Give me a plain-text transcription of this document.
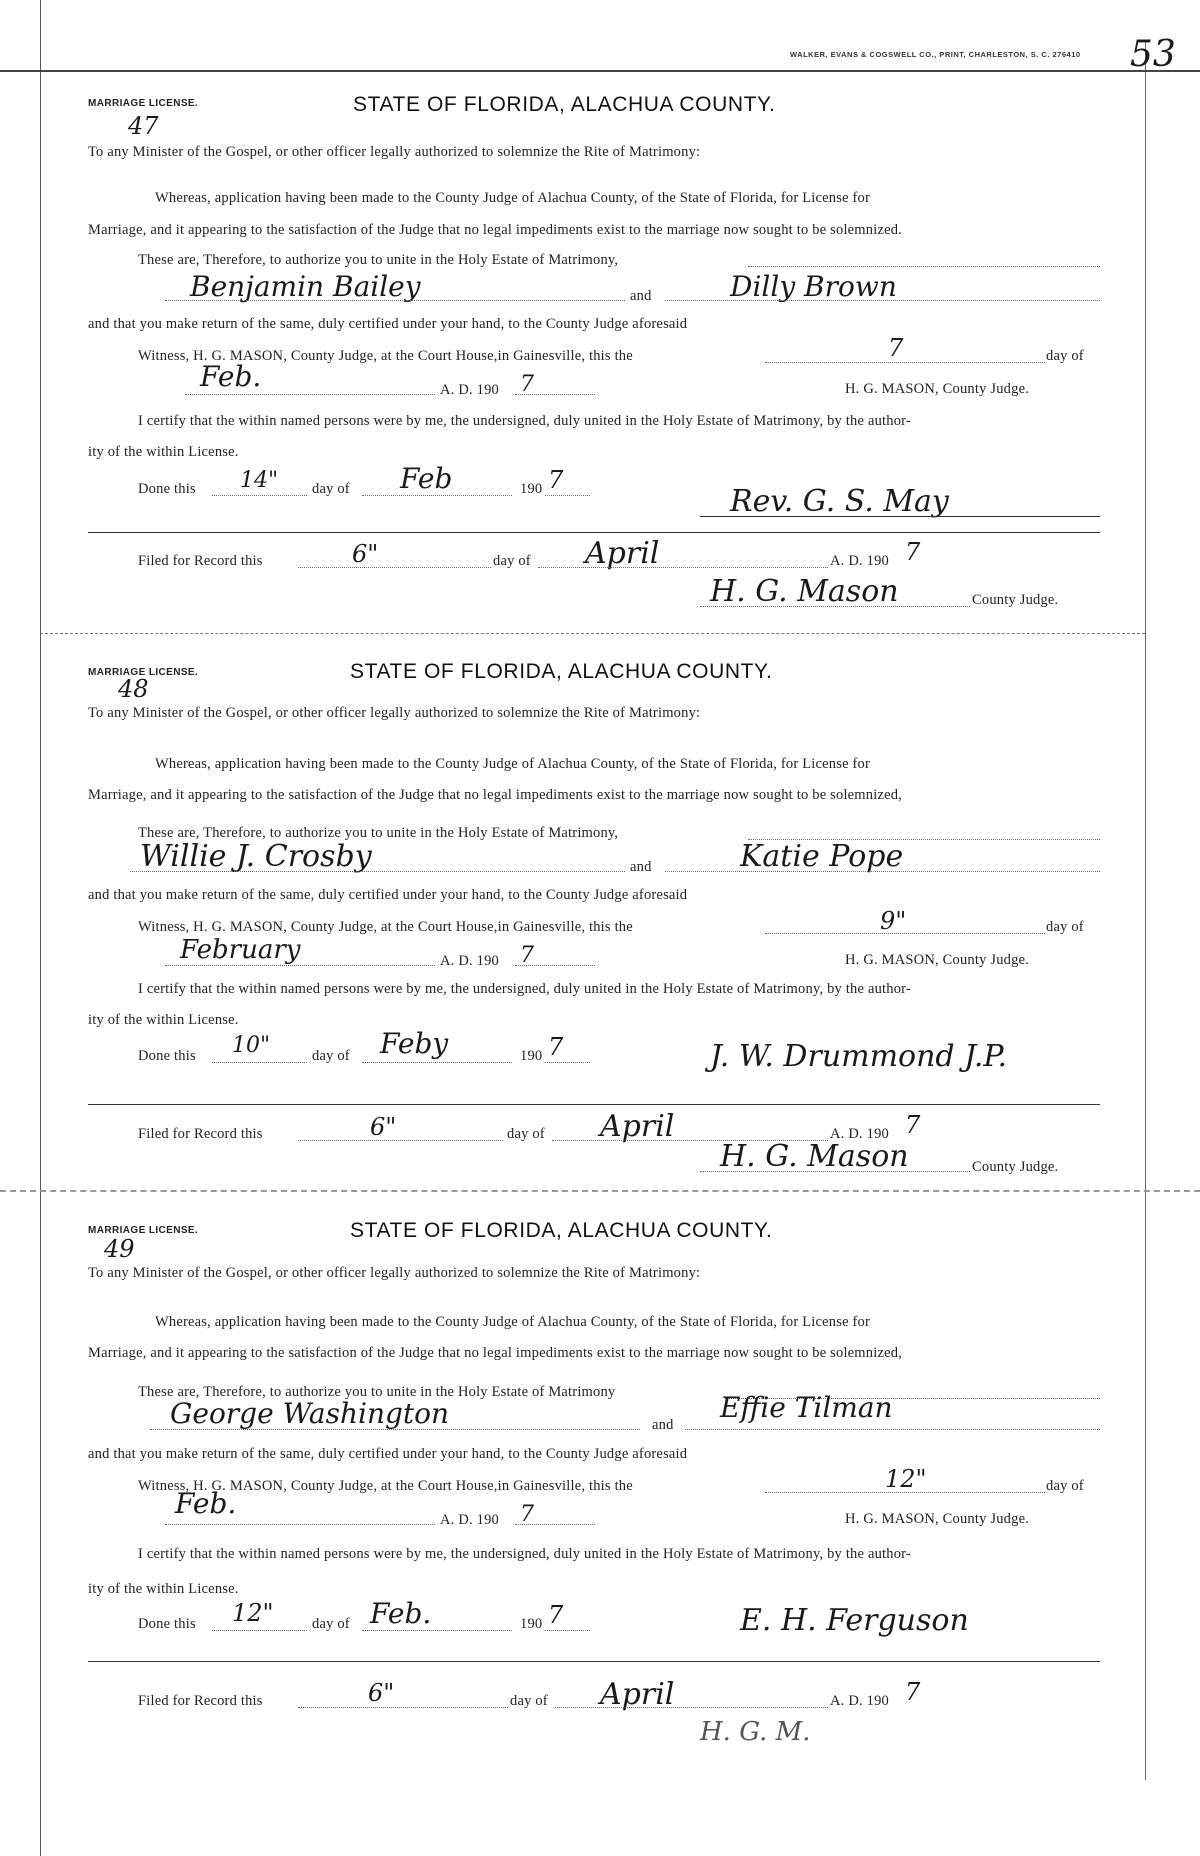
WALKER, EVANS & COGSWELL CO., PRINT, CHARLESTON, S. C. 276410 53
MARRIAGE LICENSE.
47
STATE OF FLORIDA, ALACHUA COUNTY.
To any Minister of the Gospel, or other officer legally authorized to solemnize the Rite of Matrimony:
Whereas, application having been made to the County Judge of Alachua County, of the State of Florida, for License for
Marriage, and it appearing to the satisfaction of the Judge that no legal impediments exist to the marriage now sought to be solemnized.
These are, Therefore, to authorize you to unite in the Holy Estate of Matrimony,
Benjamin Bailey	and	Dilly Brown
and that you make return of the same, duly certified under your hand, to the County Judge aforesaid
Witness, H. G. MASON, County Judge, at the Court House,in Gainesville, this the	7	day of
Feb.	A. D. 190 7	H. G. MASON, County Judge.
I certify that the within named persons were by me, the undersigned, duly united in the Holy Estate of Matrimony, by the author-
ity of the within License.
Done this 14" day of Feb	190 7
Rev. G. S. May
Filed for Record this	6"	day of April	A. D. 190 7
H. G. Mason	County Judge.
MARRIAGE LICENSE.
48
STATE OF FLORIDA, ALACHUA COUNTY.
To any Minister of the Gospel, or other officer legally authorized to solemnize the Rite of Matrimony:
Whereas, application having been made to the County Judge of Alachua County, of the State of Florida, for License for
Marriage, and it appearing to the satisfaction of the Judge that no legal impediments exist to the marriage now sought to be solemnized,
These are, Therefore, to authorize you to unite in the Holy Estate of Matrimony,
Willie J. Crosby	and	Katie Pope
and that you make return of the same, duly certified under your hand, to the County Judge aforesaid
Witness, H. G. MASON, County Judge, at the Court House,in Gainesville, this the	9"	day of
February	A. D. 190 7	H. G. MASON, County Judge.
I certify that the within named persons were by me, the undersigned, duly united in the Holy Estate of Matrimony, by the author-
ity of the within License.
Done this 10"	day of Feby	190 7	J. W. Drummond J.P.
Filed for Record this	6"	day of April	A. D. 190 7
H. G. Mason	County Judge.
MARRIAGE LICENSE.
49
STATE OF FLORIDA, ALACHUA COUNTY.
To any Minister of the Gospel, or other officer legally authorized to solemnize the Rite of Matrimony:
Whereas, application having been made to the County Judge of Alachua County, of the State of Florida, for License for
Marriage, and it appearing to the satisfaction of the Judge that no legal impediments exist to the marriage now sought to be solemnized,
These are, Therefore, to authorize you to unite in the Holy Estate of Matrimony
George Washington	and
Effie Tilman
and that you make return of the same, duly certified under your hand, to the County Judge aforesaid
Witness, H. G. MASON, County Judge, at the Court House,in Gainesville, this the	12"	day of
Feb.	A. D. 190 7	H. G. MASON, County Judge.
I certify that the within named persons were by me, the undersigned, duly united in the Holy Estate of Matrimony, by the author-
ity of the within License.
Done this 12"	day of Feb.	190 7	E. H. Ferguson
Filed for Record this	6"	day of April	A. D. 190 7
H. G. M.
